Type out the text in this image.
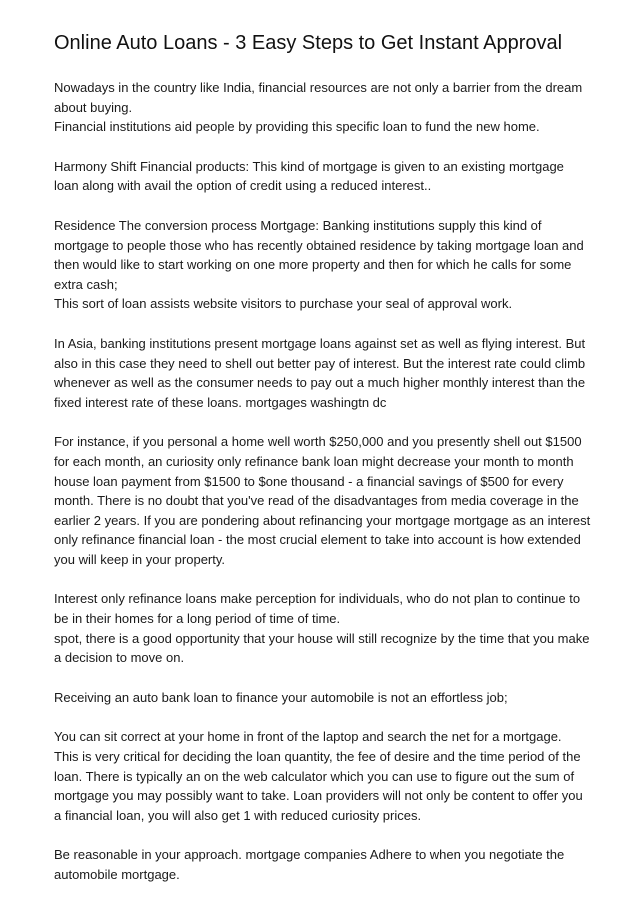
Online Auto Loans - 3 Easy Steps to Get Instant Approval
Nowadays in the country like India, financial resources are not only a barrier from the dream
about buying.
Financial institutions aid people by providing this specific loan to fund the new home.
Harmony Shift Financial products: This kind of mortgage is given to an existing mortgage
loan along with avail the option of credit using a reduced interest..
Residence The conversion process Mortgage: Banking institutions supply this kind of
mortgage to people those who has recently obtained residence by taking mortgage loan and
then would like to start working on one more property and then for which he calls for some
extra cash;
This sort of loan assists website visitors to purchase your seal of approval work.
In Asia, banking institutions present mortgage loans against set as well as flying interest. But
also in this case they need to shell out better pay of interest. But the interest rate could climb
whenever as well as the consumer needs to pay out a much higher monthly interest than the
fixed interest rate of these loans. mortgages washingtn dc
For instance, if you personal a home well worth $250,000 and you presently shell out $1500
for each month, an curiosity only refinance bank loan might decrease your month to month
house loan payment from $1500 to $one thousand - a financial savings of $500 for every
month. There is no doubt that you've read of the disadvantages from media coverage in the
earlier 2 years. If you are pondering about refinancing your mortgage mortgage as an interest
only refinance financial loan - the most crucial element to take into account is how extended
you will keep in your property.
Interest only refinance loans make perception for individuals, who do not plan to continue to
be in their homes for a long period of time of time.
spot, there is a good opportunity that your house will still recognize by the time that you make
a decision to move on.
Receiving an auto bank loan to finance your automobile is not an effortless job;
You can sit correct at your home in front of the laptop and search the net for a mortgage.
This is very critical for deciding the loan quantity, the fee of desire and the time period of the
loan. There is typically an on the web calculator which you can use to figure out the sum of
mortgage you may possibly want to take. Loan providers will not only be content to offer you
a financial loan, you will also get 1 with reduced curiosity prices.
Be reasonable in your approach. mortgage companies Adhere to when you negotiate the
automobile mortgage.
